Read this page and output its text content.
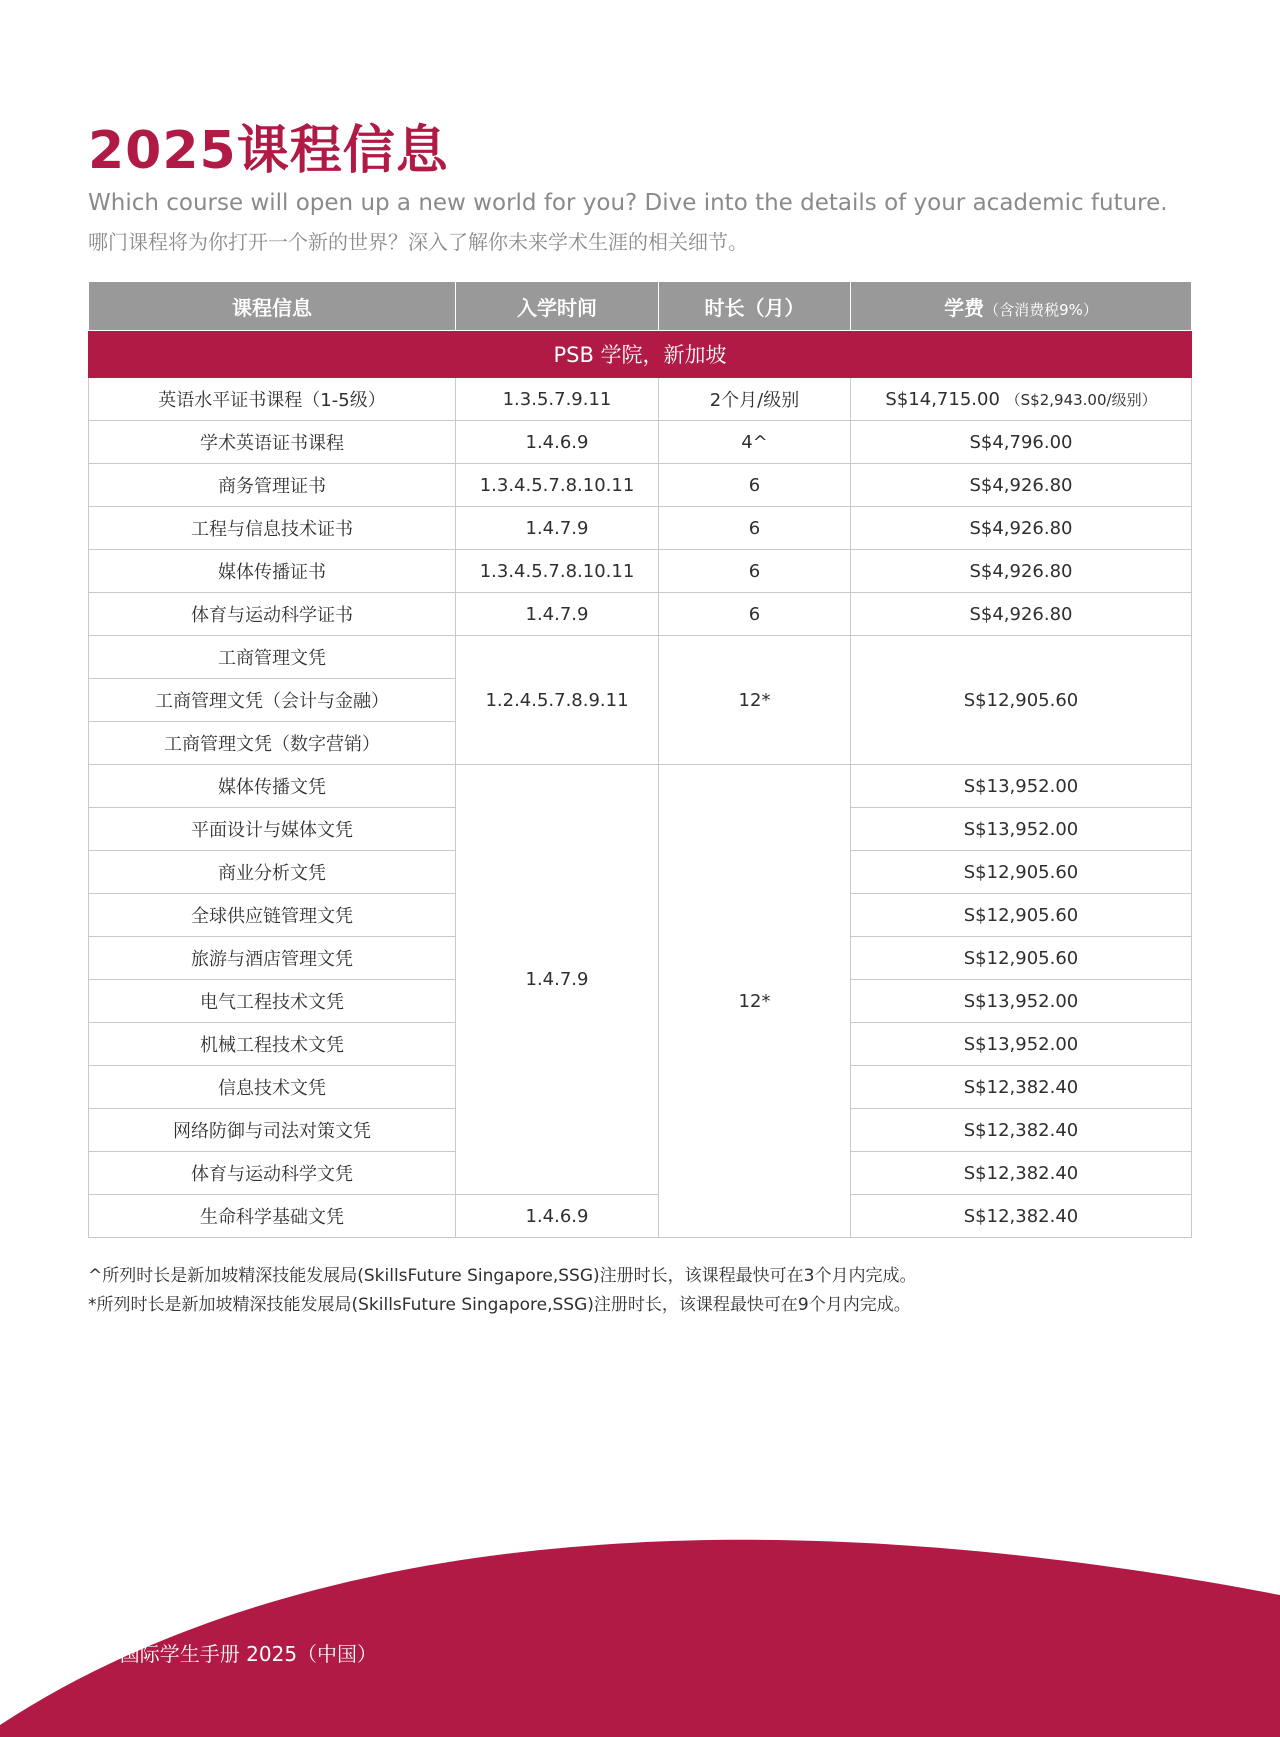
2025课程信息
Which course will open up a new world for you? Dive into the details of your academic future.
哪门课程将为你打开一个新的世界？深入了解你未来学术生涯的相关细节。
课程信息	入学时间	时长（月）	学费（含消费税9%）
PSB 学院，新加坡			
英语水平证书课程（1-5级）	1.3.5.7.9.11	2个月/级别	S$14,715.00 （S$2,943.00/级别）
学术英语证书课程	1.4.6.9	4^	S$4,796.00
商务管理证书	1.3.4.5.7.8.10.11	6	S$4,926.80
工程与信息技术证书	1.4.7.9	6	S$4,926.80
媒体传播证书	1.3.4.5.7.8.10.11	6	S$4,926.80
体育与运动科学证书	1.4.7.9	6	S$4,926.80
工商管理文凭	1.2.4.5.7.8.9.11	12*	S$12,905.60
工商管理文凭（会计与金融）			
工商管理文凭（数字营销）			
媒体传播文凭	1.4.7.9	12*	S$13,952.00
平面设计与媒体文凭			S$13,952.00
商业分析文凭			S$12,905.60
全球供应链管理文凭			S$12,905.60
旅游与酒店管理文凭			S$12,905.60
电气工程技术文凭			S$13,952.00
机械工程技术文凭			S$13,952.00
信息技术文凭			S$12,382.40
网络防御与司法对策文凭			S$12,382.40
体育与运动科学文凭			S$12,382.40
生命科学基础文凭	1.4.6.9		S$12,382.40
^所列时长是新加坡精深技能发展局(SkillsFuture Singapore,SSG)注册时长，该课程最快可在3个月内完成。
*所列时长是新加坡精深技能发展局(SkillsFuture Singapore,SSG)注册时长，该课程最快可在9个月内完成。
22 国际学生手册 2025（中国）
